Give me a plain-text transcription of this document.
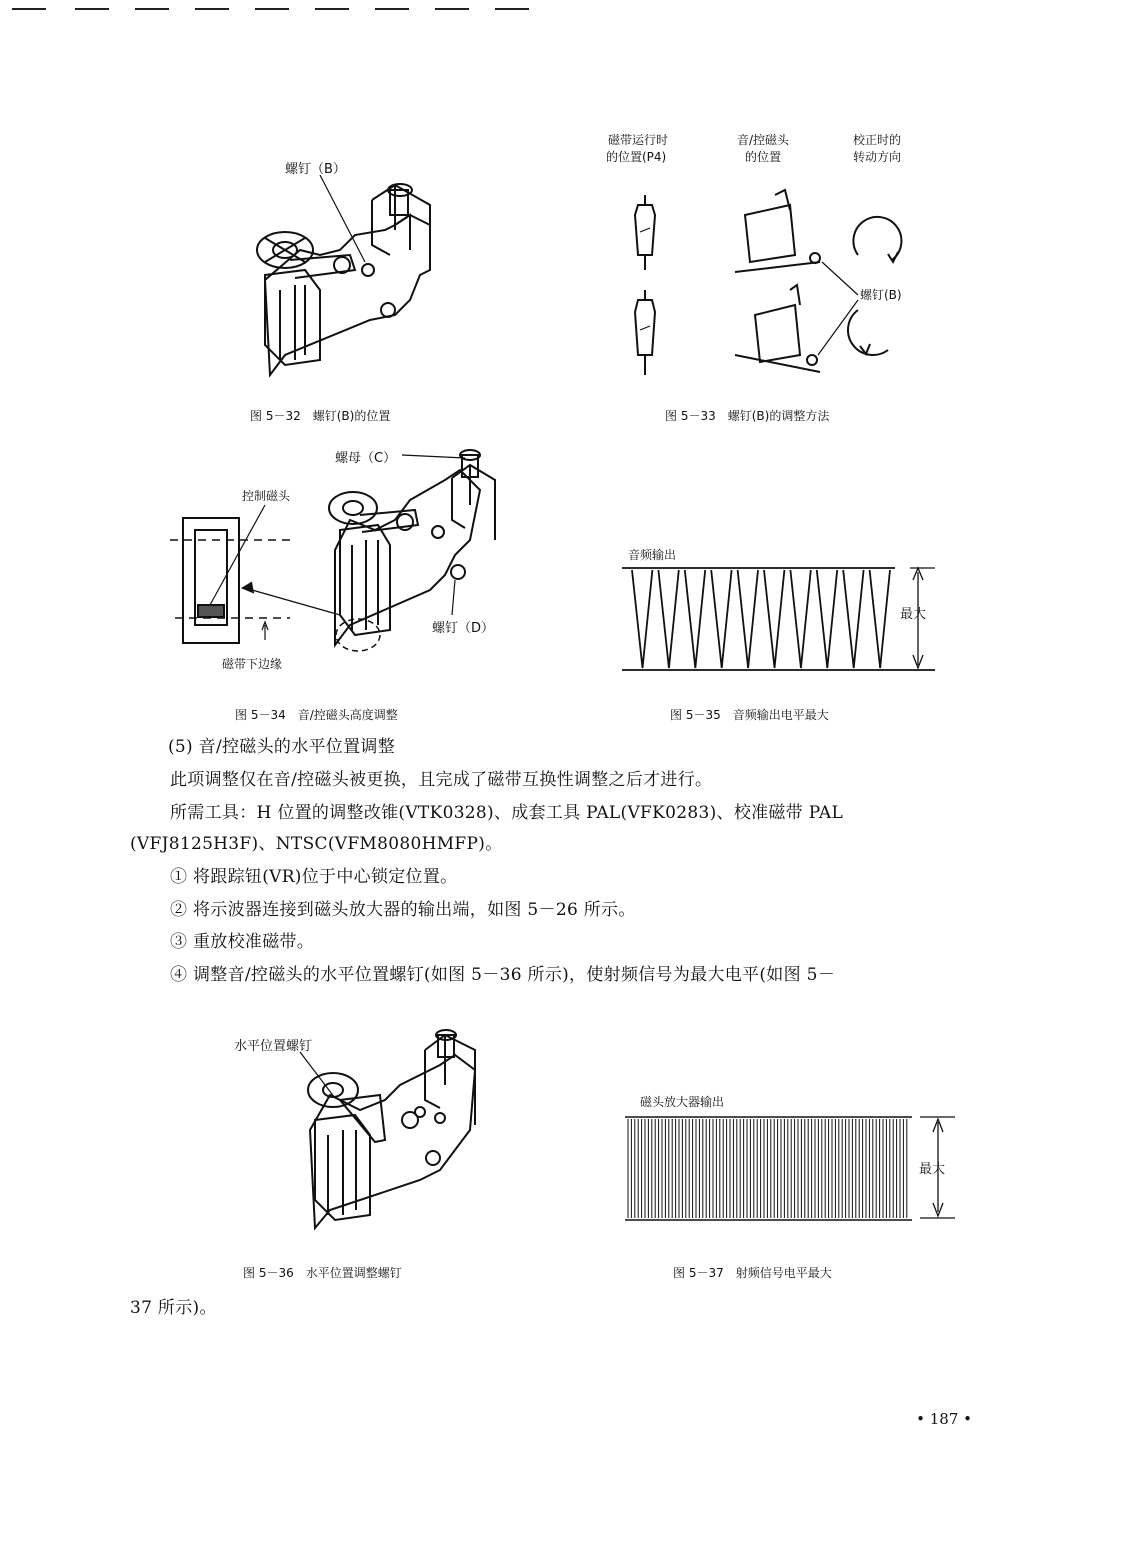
螺钉（B）
图 5－32　螺钉(B)的位置
磁带运行时
的位置(P4)
音/控磁头
的位置
校正时的
转动方向
螺钉(B)
图 5－33　螺钉(B)的调整方法
螺母（C）
控制磁头
螺钉（D）
磁带下边缘
图 5－34　音/控磁头高度调整
音频输出
最大
图 5－35　音频输出电平最大
(5) 音/控磁头的水平位置调整
此项调整仅在音/控磁头被更换，且完成了磁带互换性调整之后才进行。
所需工具：H 位置的调整改锥(VTK0328)、成套工具 PAL(VFK0283)、校准磁带 PAL
(VFJ8125H3F)、NTSC(VFM8080HMFP)。
① 将跟踪钮(VR)位于中心锁定位置。
② 将示波器连接到磁头放大器的输出端，如图 5－26 所示。
③ 重放校准磁带。
④ 调整音/控磁头的水平位置螺钉(如图 5－36 所示)，使射频信号为最大电平(如图 5－
水平位置螺钉
图 5－36　水平位置调整螺钉
磁头放大器输出
最大
图 5－37　射频信号电平最大
37 所示)。
• 187 •
